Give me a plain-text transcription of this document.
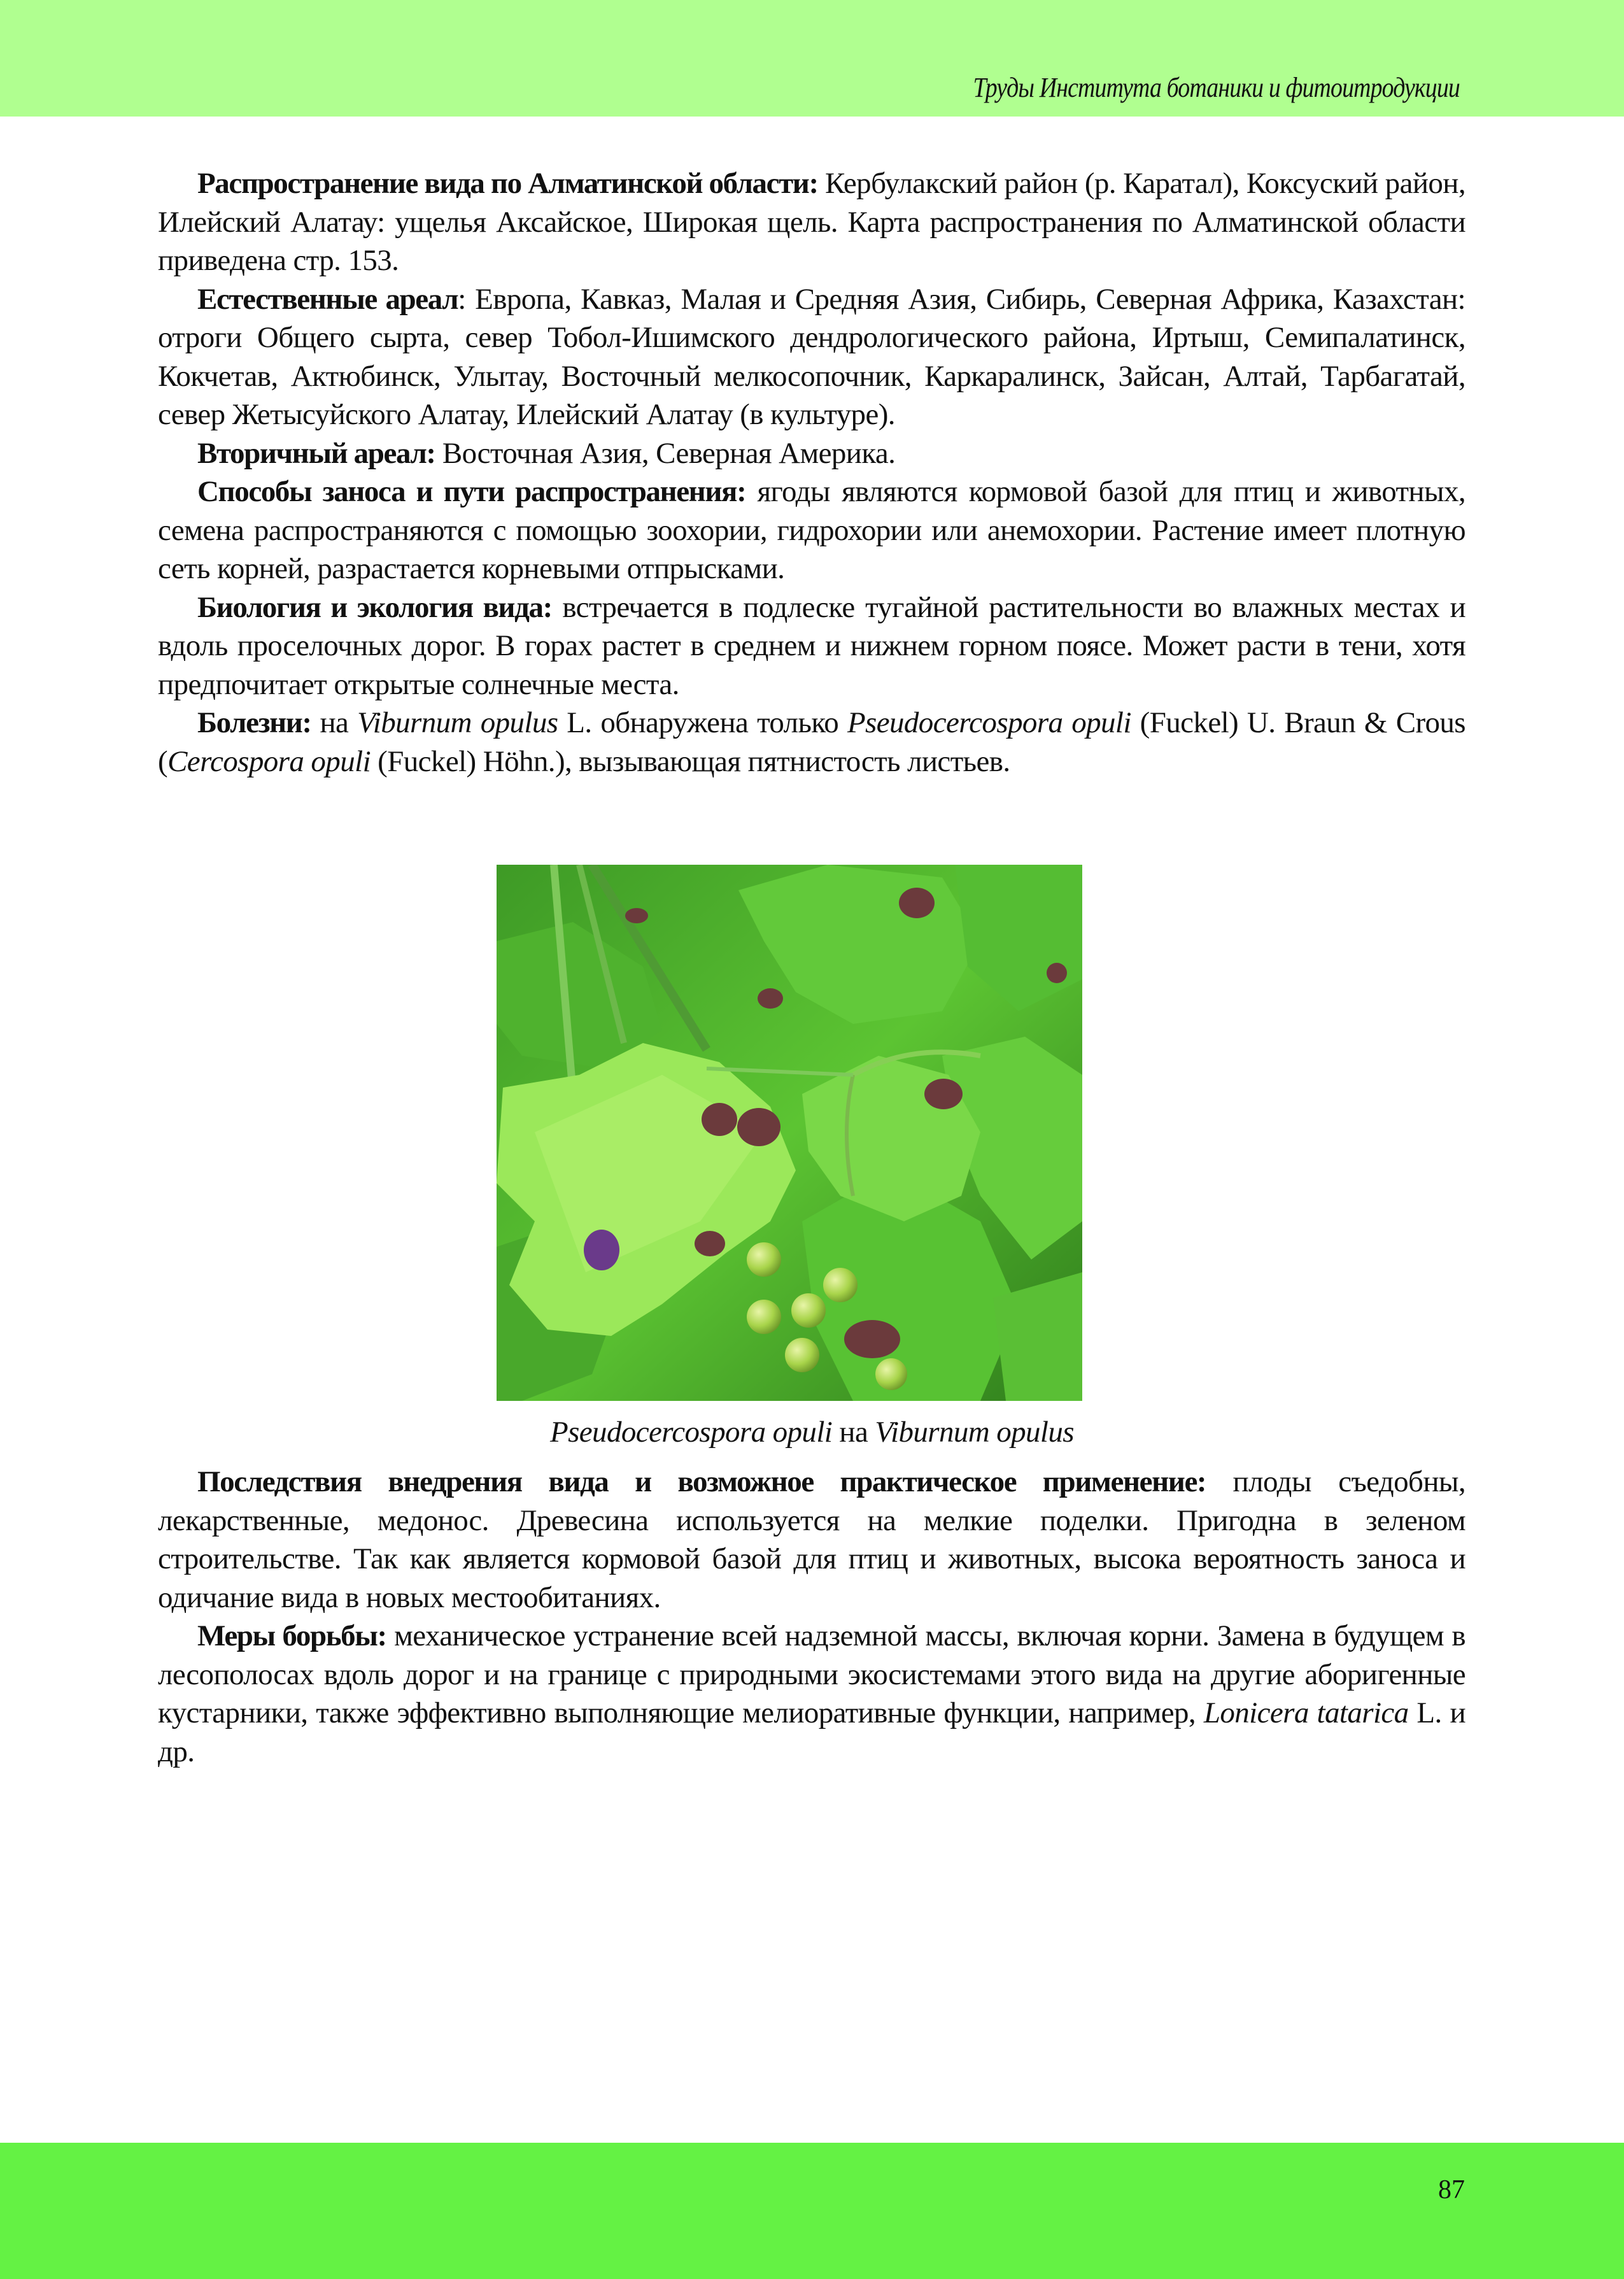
Труды Института ботаники и фитоитродукции

Распространение вида по Алматинской области: Кербулакский район (р. Каратал), Коксуский район, Илейский Алатау: ущелья Аксайское, Широкая щель. Карта распространения по Алматинской области приведена стр. 153.

Естественные ареал: Европа, Кавказ, Малая и Средняя Азия, Сибирь, Северная Африка, Казахстан: отроги Общего сырта, север Тобол-Ишимского дендрологического района, Иртыш, Семипалатинск, Кокчетав, Актюбинск, Улытау, Восточный мелкосопочник, Каркаралинск, Зайсан, Алтай, Тарбагатай, север Жетысуйского Алатау, Илейский Алатау (в культуре).

Вторичный ареал: Восточная Азия, Северная Америка.

Способы заноса и пути распространения: ягоды являются кормовой базой для птиц и животных, семена распространяются с помощью зоохории, гидрохории или анемохории. Растение имеет плотную сеть корней, разрастается корневыми отпрысками.

Биология и экология вида: встречается в подлеске тугайной растительности во влажных местах и вдоль проселочных дорог. В горах растет в среднем и нижнем горном поясе. Может расти в тени, хотя предпочитает открытые солнечные места.

Болезни: на Viburnum opulus L. обнаружена только Pseudocercospora opuli (Fuckel) U. Braun & Crous (Cercospora opuli (Fuckel) Höhn.), вызывающая пятнистость листьев.

Pseudocercospora opuli на Viburnum opulus

Последствия внедрения вида и возможное практическое применение: плоды съедобны, лекарственные, медонос. Древесина используется на мелкие поделки. Пригодна в зеленом строительстве. Так как является кормовой базой для птиц и животных, высока вероятность заноса и одичание вида в новых местообитаниях.

Меры борьбы: механическое устранение всей надземной массы, включая корни. Замена в будущем в лесополосах вдоль дорог и на границе с природными экосистемами этого вида на другие аборигенные кустарники, также эффективно выполняющие мелиоративные функции, например, Lonicera tatarica L. и др.

87
